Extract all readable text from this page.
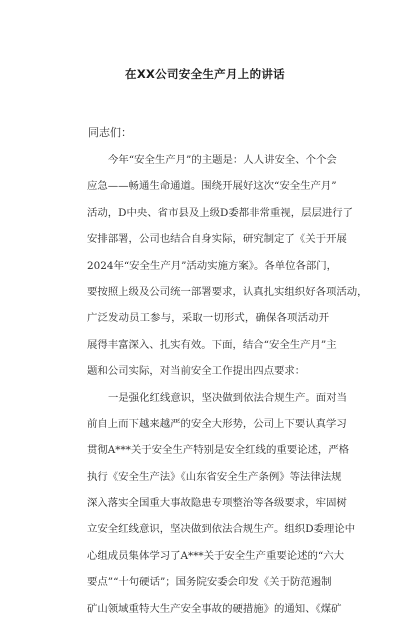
在XX公司安全生产月上的讲话

同志们：

今年“安全生产月”的主题是：人人讲安全、个个会
应急——畅通生命通道。围绕开展好这次“安全生产月”
活动，D中央、省市县及上级D委都非常重视，层层进行了
安排部署，公司也结合自身实际，研究制定了《关于开展
2024年“安全生产月”活动实施方案》。各单位各部门，
要按照上级及公司统一部署要求，认真扎实组织好各项活动，
广泛发动员工参与，采取一切形式，确保各项活动开
展得丰富深入、扎实有效。下面，结合“安全生产月”主
题和公司实际，对当前安全工作提出四点要求：
一是强化红线意识，坚决做到依法合规生产。面对当
前自上而下越来越严的安全大形势，公司上下要认真学习
贯彻A***关于安全生产特别是安全红线的重要论述，严格
执行《安全生产法》《山东省安全生产条例》等法律法规
深入落实全国重大事故隐患专项整治等各级要求，牢固树
立安全红线意识，坚决做到依法合规生产。组织D委理论中
心组成员集体学习了A***关于安全生产重要论述的“六大
要点”“十句硬话”；国务院安委会印发《关于防范遏制
矿山领域重特大生产安全事故的硬措施》的通知、《煤矿
